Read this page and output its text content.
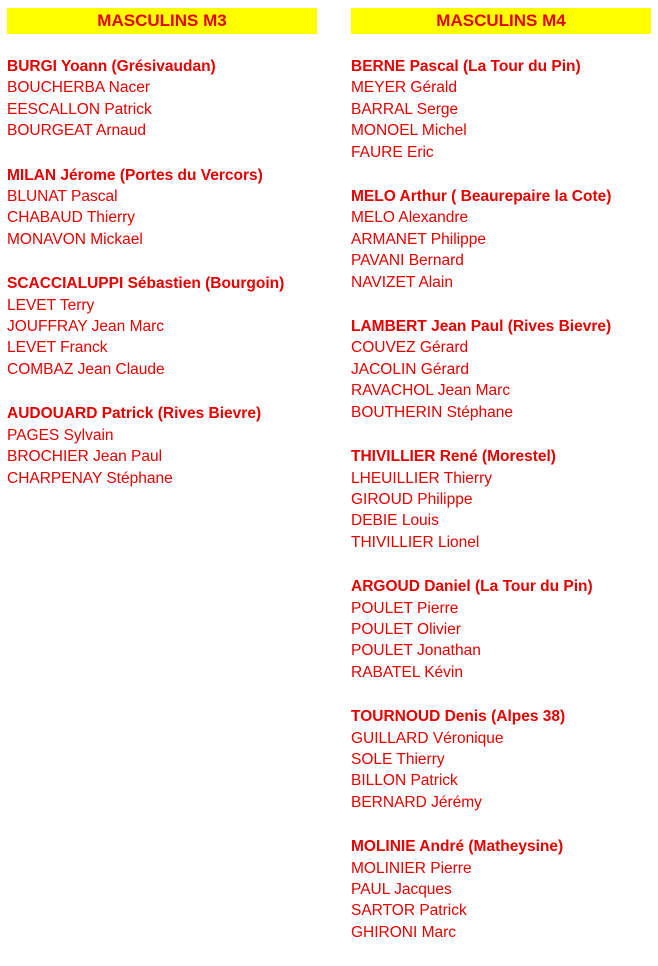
MASCULINS M3
BURGI Yoann (Grésivaudan)
BOUCHERBA Nacer
EESCALLON Patrick
BOURGEAT Arnaud
MILAN Jérome (Portes du Vercors)
BLUNAT Pascal
CHABAUD Thierry
MONAVON Mickael
SCACCIALUPPI Sébastien (Bourgoin)
LEVET Terry
JOUFFRAY Jean Marc
LEVET Franck
COMBAZ Jean Claude
AUDOUARD Patrick (Rives Bievre)
PAGES Sylvain
BROCHIER Jean Paul
CHARPENAY Stéphane
MASCULINS M4
BERNE Pascal (La Tour du Pin)
MEYER Gérald
BARRAL Serge
MONOEL Michel
FAURE Eric
MELO Arthur ( Beaurepaire la Cote)
MELO Alexandre
ARMANET Philippe
PAVANI Bernard
NAVIZET Alain
LAMBERT Jean Paul (Rives Bievre)
COUVEZ Gérard
JACOLIN Gérard
RAVACHOL Jean Marc
BOUTHERIN Stéphane
THIVILLIER René (Morestel)
LHEUILLIER Thierry
GIROUD Philippe
DEBIE Louis
THIVILLIER Lionel
ARGOUD Daniel (La Tour du Pin)
POULET Pierre
POULET Olivier
POULET Jonathan
RABATEL Kévin
TOURNOUD Denis (Alpes 38)
GUILLARD Véronique
SOLE Thierry
BILLON Patrick
BERNARD Jérémy
MOLINIE André (Matheysine)
MOLINIER Pierre
PAUL Jacques
SARTOR Patrick
GHIRONI Marc
